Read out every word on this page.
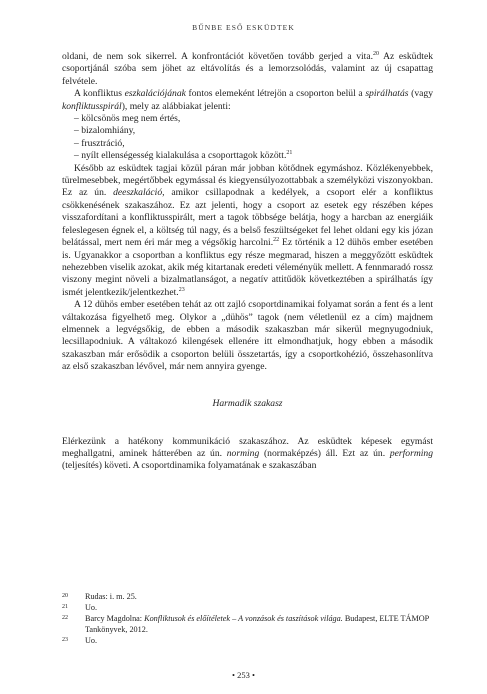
BŰNBE ESŐ ESKÜDTEK

oldani, de nem sok sikerrel. A konfrontációt követően tovább gerjed a vita.$^{20}$ Az esküdtek csoportjánál szóba sem jöhet az eltávolítás és a lemorzsolódás, valamint az új csapattag felvétele.

A konfliktus eszkalációjának fontos elemeként létrejön a csoporton belül a spirálhatás (vagy konfliktusspirál), mely az alábbiakat jelenti:

– kölcsönös meg nem értés,
– bizalomhiány,
– frusztráció,
– nyílt ellenségesség kialakulása a csoporttagok között.$^{21}$

Később az esküdtek tagjai közül páran már jobban kötődnek egymáshoz. Közlékenyebbek, türelmesebbek, megértőbbek egymással és kiegyensúlyozottabbak a személyközi viszonyokban. Ez az ún. deeszkaláció, amikor csillapodnak a kedélyek, a csoport elér a konfliktus csökkenésének szakaszához. Ez azt jelenti, hogy a csoport az esetek egy részében képes visszafordítani a konfliktusspirált, mert a tagok többsége belátja, hogy a harcban az energiáik feleslegesen égnek el, a költség túl nagy, és a belső feszültségeket fel lehet oldani egy kis józan belátással, mert nem éri már meg a végsőkig harcolni.$^{22}$ Ez történik a 12 dühös ember esetében is. Ugyanakkor a csoportban a konfliktus egy része megmarad, hiszen a meggyőzött esküdtek nehezebben viselik azokat, akik még kitartanak eredeti véleményük mellett. A fennmaradó rossz viszony megint növeli a bizalmatlanságot, a negatív attitűdök következtében a spirálhatás így ismét jelentkezik/jelentkezhet.$^{23}$

A 12 dühös ember esetében tehát az ott zajló csoportdinamikai folyamat során a fent és a lent váltakozása figyelhető meg. Olykor a „dühös” tagok (nem véletlenül ez a cím) majdnem elmennek a legvégsőkig, de ebben a második szakaszban már sikerül megnyugodniuk, lecsillapodniuk. A váltakozó kilengések ellenére itt elmondhatjuk, hogy ebben a második szakaszban már erősödik a csoporton belüli összetartás, így a csoportkohézió, összehasonlítva az első szakaszban lévővel, már nem annyira gyenge.

Harmadik szakasz

Elérkezünk a hatékony kommunikáció szakaszához. Az esküdtek képesek egymást meghallgatni, aminek hátterében az ún. norming (normaképzés) áll. Ezt az ún. performing (teljesítés) követi. A csoportdinamika folyamatának e szakaszában

20	Rudas: i. m. 25.
21	Uo.
22	Barcy Magdolna: Konfliktusok és előítéletek – A vonzások és taszítások világa. Budapest, ELTE TÁMOP Tankönyvek, 2012.
23	Uo.
• 253 •
